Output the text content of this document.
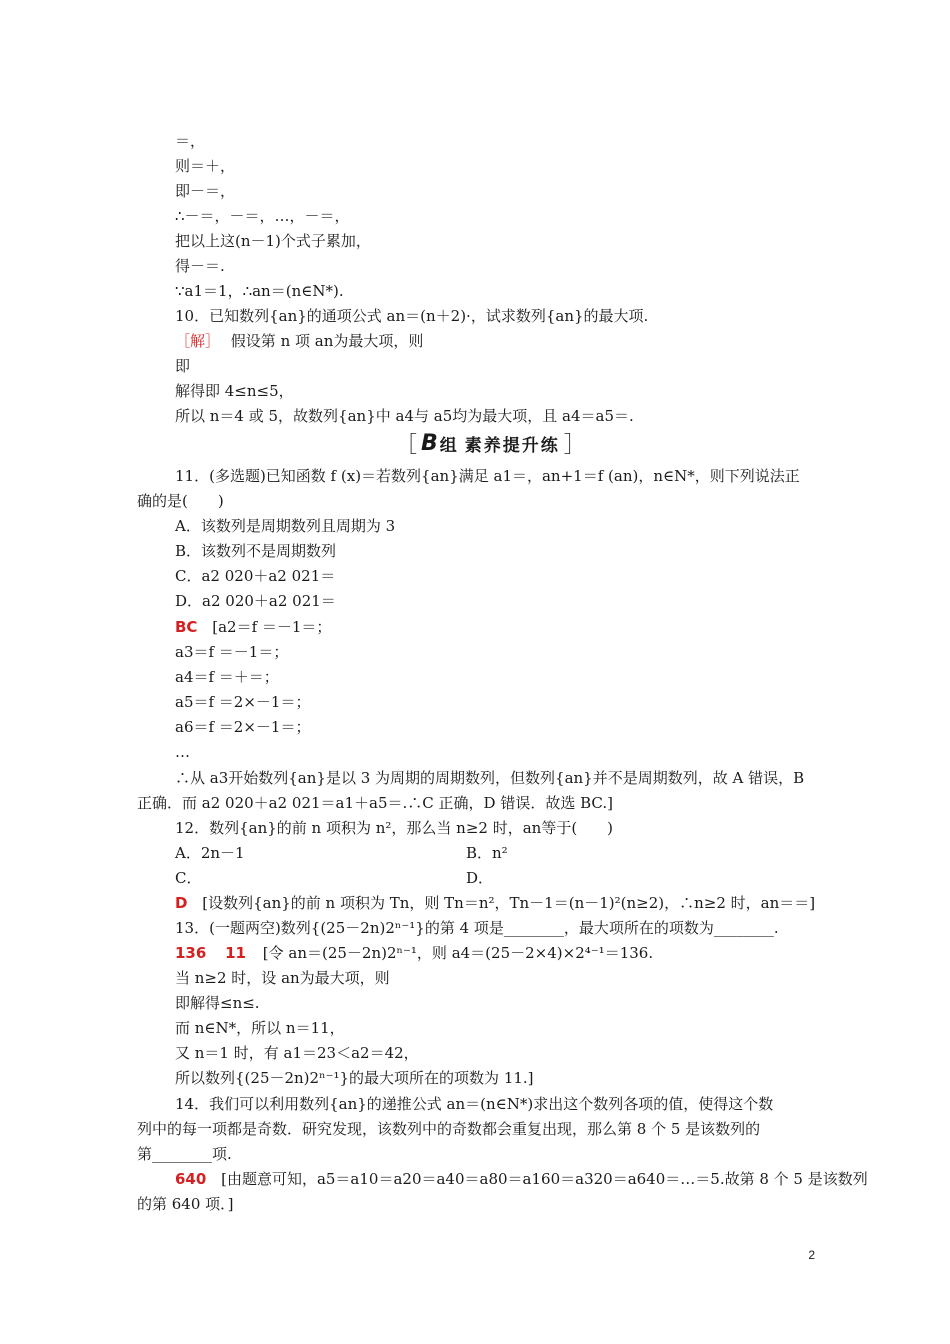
＝，
则＝＋，
即－＝，
∴－＝，－＝，…，－＝，
把以上这(n－1)个式子累加，
得－＝.
∵a1＝1，∴an＝(n∈N*).
10．已知数列{an}的通项公式 an＝(n＋2)·，试求数列{an}的最大项.
［解］ 假设第 n 项 an为最大项，则
即
解得即 4≤n≤5，
所以 n＝4 或 5，故数列{an}中 a4与 a5均为最大项，且 a4＝a5＝.
［ B 组 素养提升练 ］
11．(多选题)已知函数 f (x)＝若数列{an}满足 a1＝，an+1＝f (an)，n∈N*，则下列说法正
确的是(　　)
A．该数列是周期数列且周期为 3
B．该数列不是周期数列
C．a2 020＋a2 021＝
D．a2 020＋a2 021＝
BC [a2＝f ＝－1＝；
a3＝f ＝－1＝；
a4＝f ＝＋＝；
a5＝f ＝2×－1＝；
a6＝f ＝2×－1＝；
…
∴从 a3开始数列{an}是以 3 为周期的周期数列，但数列{an}并不是周期数列，故 A 错误，B
正确．而 a2 020＋a2 021＝a1＋a5＝.∴C 正确，D 错误．故选 BC.]
12．数列{an}的前 n 项积为 n²，那么当 n≥2 时，an等于(　　)
A．2n－1	B．n²
C．	D．
D [设数列{an}的前 n 项积为 Tn，则 Tn＝n²，Tn－1＝(n－1)²(n≥2)，∴n≥2 时，an＝＝]
13．(一题两空)数列{(25－2n)2ⁿ⁻¹}的第 4 项是________，最大项所在的项数为________.
136 11 [令 an＝(25－2n)2ⁿ⁻¹，则 a4＝(25－2×4)×2⁴⁻¹＝136.
当 n≥2 时，设 an为最大项，则
即解得≤n≤.
而 n∈N*，所以 n＝11，
又 n＝1 时，有 a1＝23＜a2＝42，
所以数列{(25－2n)2ⁿ⁻¹}的最大项所在的项数为 11.]
14．我们可以利用数列{an}的递推公式 an＝(n∈N*)求出这个数列各项的值，使得这个数
列中的每一项都是奇数．研究发现，该数列中的奇数都会重复出现，那么第 8 个 5 是该数列的
第________项.
640 [由题意可知，a5＝a10＝a20＝a40＝a80＝a160＝a320＝a640＝…＝5.故第 8 个 5 是该数列
的第 640 项．]
2
